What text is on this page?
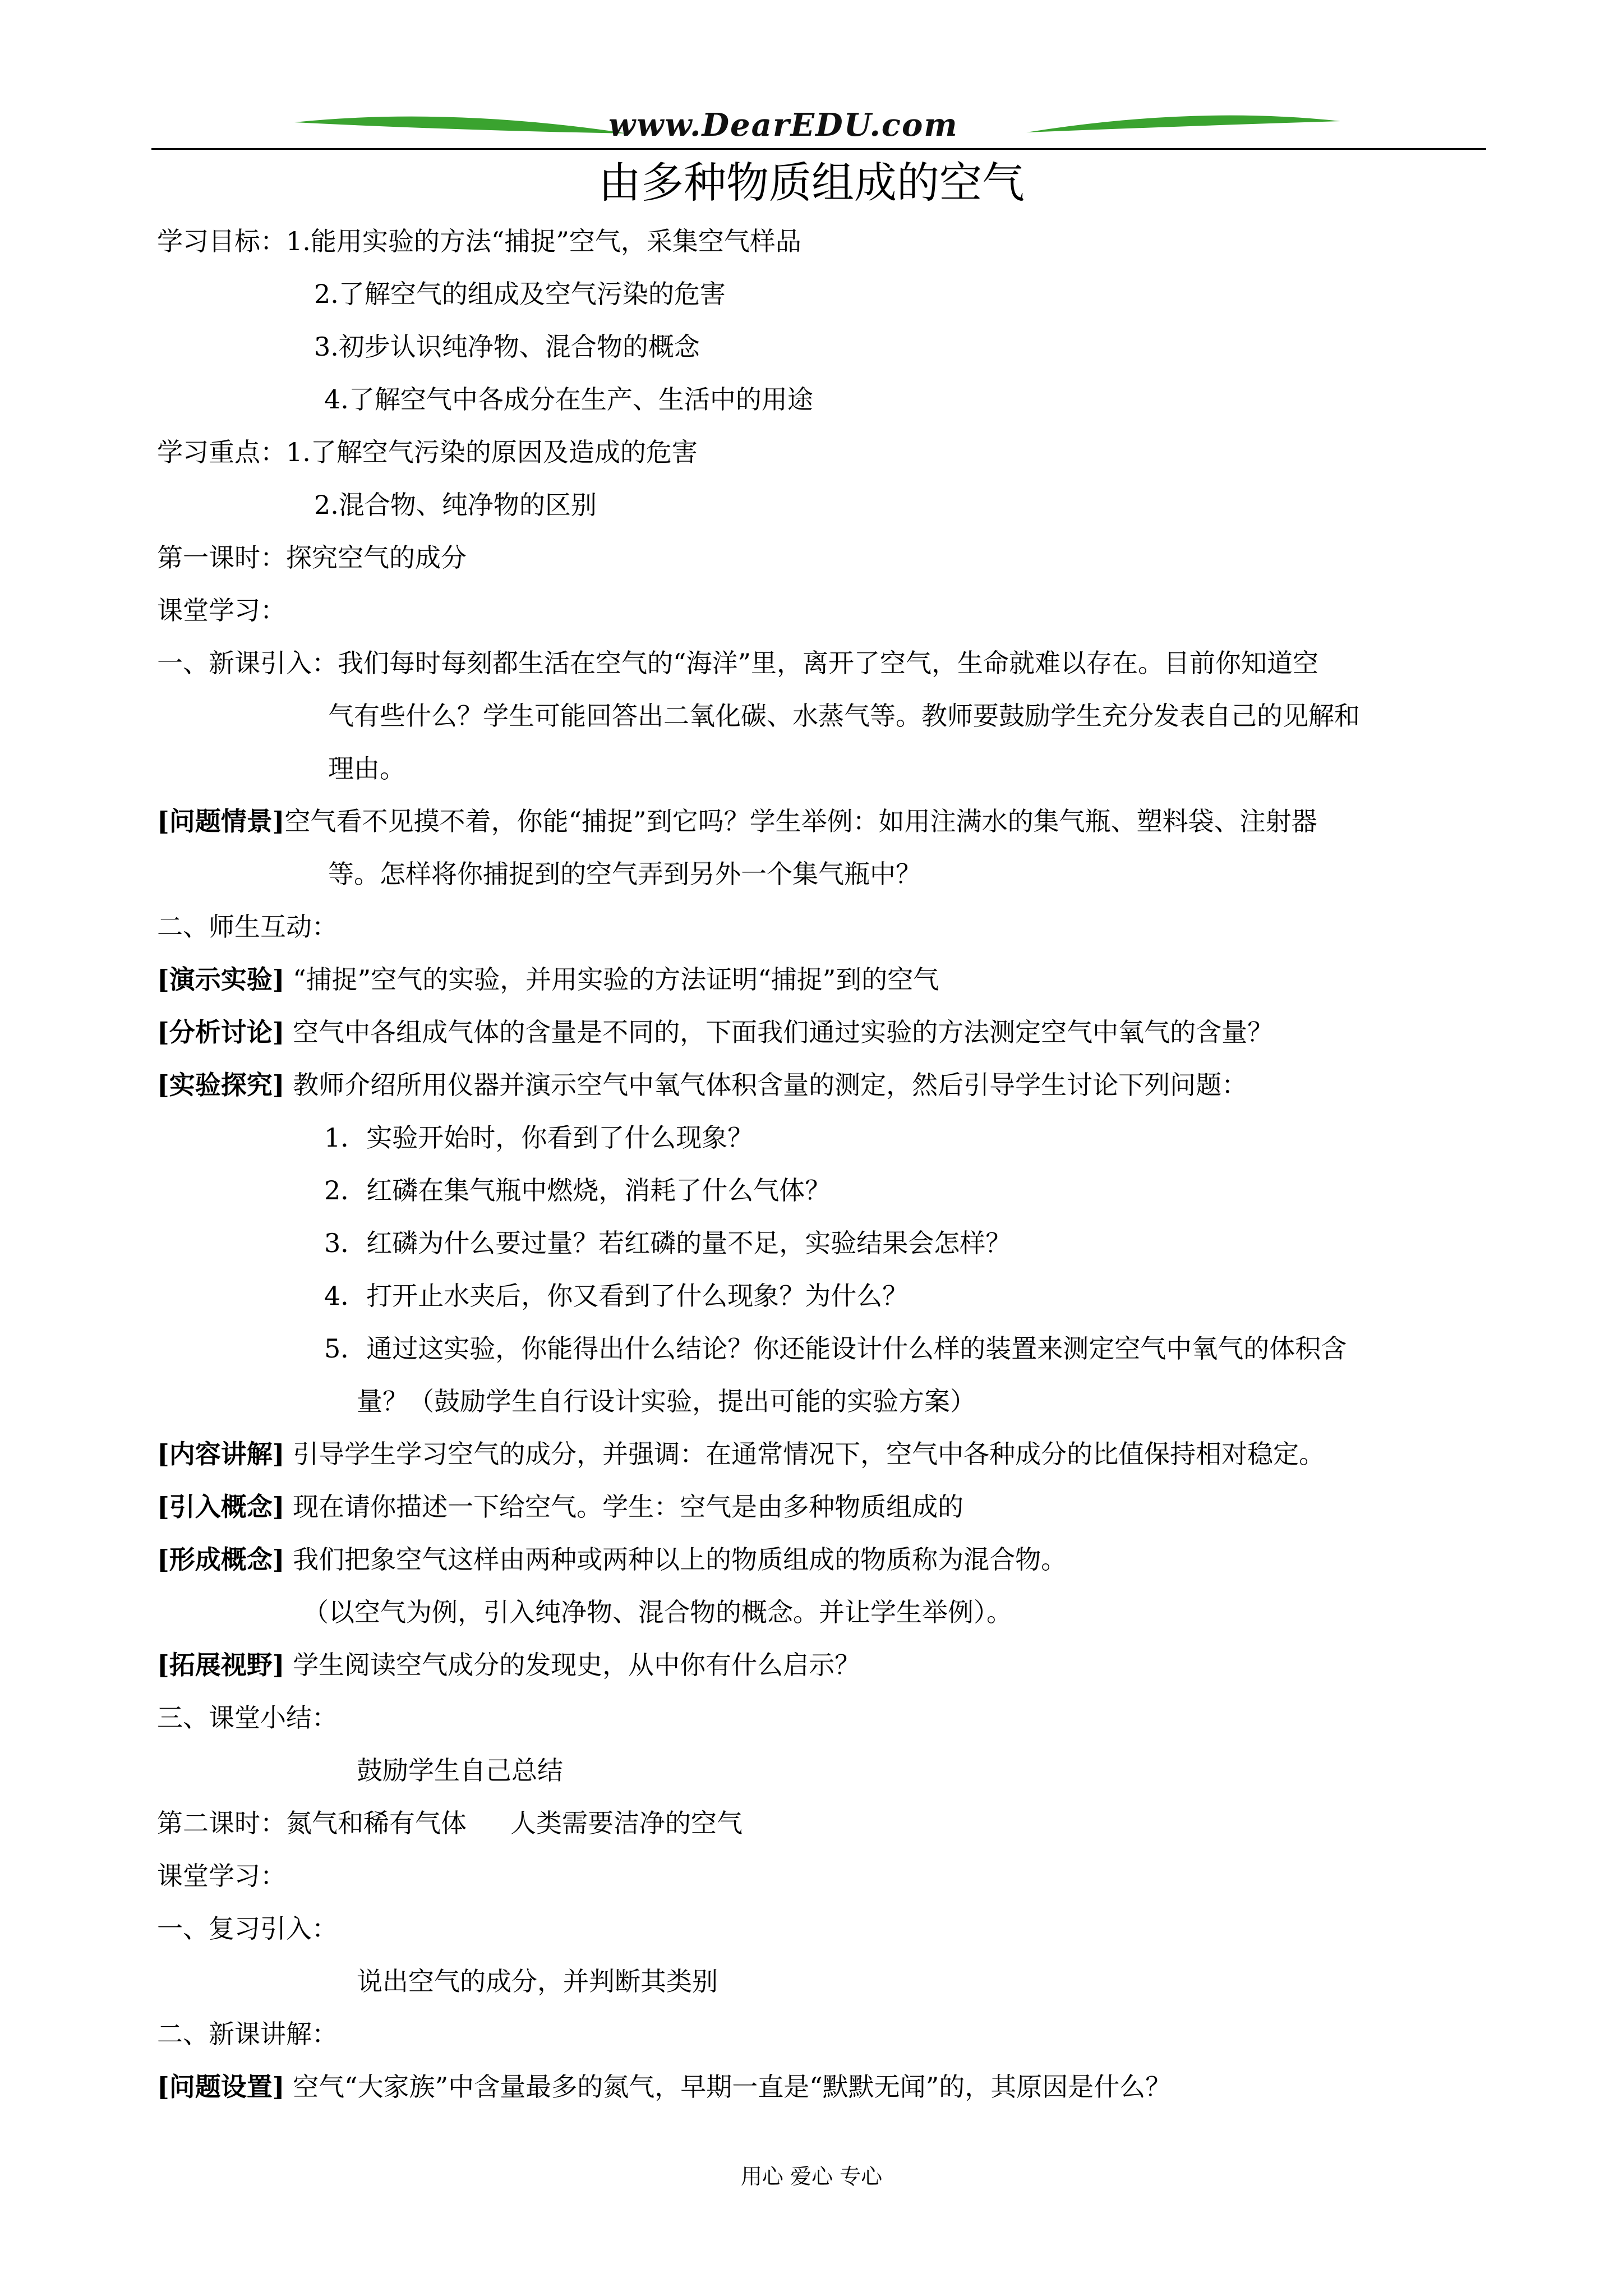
www.DearEDU.com
由多种物质组成的空气
学习目标：1.能用实验的方法“捕捉”空气，采集空气样品
2.了解空气的组成及空气污染的危害
3.初步认识纯净物、混合物的概念
4.了解空气中各成分在生产、生活中的用途
学习重点：1.了解空气污染的原因及造成的危害
2.混合物、纯净物的区别
第一课时：探究空气的成分
课堂学习：
一、新课引入：我们每时每刻都生活在空气的“海洋”里，离开了空气，生命就难以存在。目前你知道空
气有些什么？学生可能回答出二氧化碳、水蒸气等。教师要鼓励学生充分发表自己的见解和
理由。
[问题情景]空气看不见摸不着，你能“捕捉”到它吗？学生举例：如用注满水的集气瓶、塑料袋、注射器
等。怎样将你捕捉到的空气弄到另外一个集气瓶中？
二、师生互动：
[演示实验] “捕捉”空气的实验，并用实验的方法证明“捕捉”到的空气
[分析讨论] 空气中各组成气体的含量是不同的，下面我们通过实验的方法测定空气中氧气的含量？
[实验探究] 教师介绍所用仪器并演示空气中氧气体积含量的测定，然后引导学生讨论下列问题：
1．实验开始时，你看到了什么现象？
2．红磷在集气瓶中燃烧，消耗了什么气体？
3．红磷为什么要过量？若红磷的量不足，实验结果会怎样？
4．打开止水夹后，你又看到了什么现象？为什么？
5．通过这实验，你能得出什么结论？你还能设计什么样的装置来测定空气中氧气的体积含
量？（鼓励学生自行设计实验，提出可能的实验方案）
[内容讲解] 引导学生学习空气的成分，并强调：在通常情况下，空气中各种成分的比值保持相对稳定。
[引入概念] 现在请你描述一下给空气。学生：空气是由多种物质组成的
[形成概念] 我们把象空气这样由两种或两种以上的物质组成的物质称为混合物。
（以空气为例，引入纯净物、混合物的概念。并让学生举例）。
[拓展视野] 学生阅读空气成分的发现史，从中你有什么启示？
三、课堂小结：
鼓励学生自己总结
第二课时：氮气和稀有气体 人类需要洁净的空气
课堂学习：
一、复习引入：
说出空气的成分，并判断其类别
二、新课讲解：
[问题设置] 空气“大家族”中含量最多的氮气，早期一直是“默默无闻”的，其原因是什么？
用心 爱心 专心
